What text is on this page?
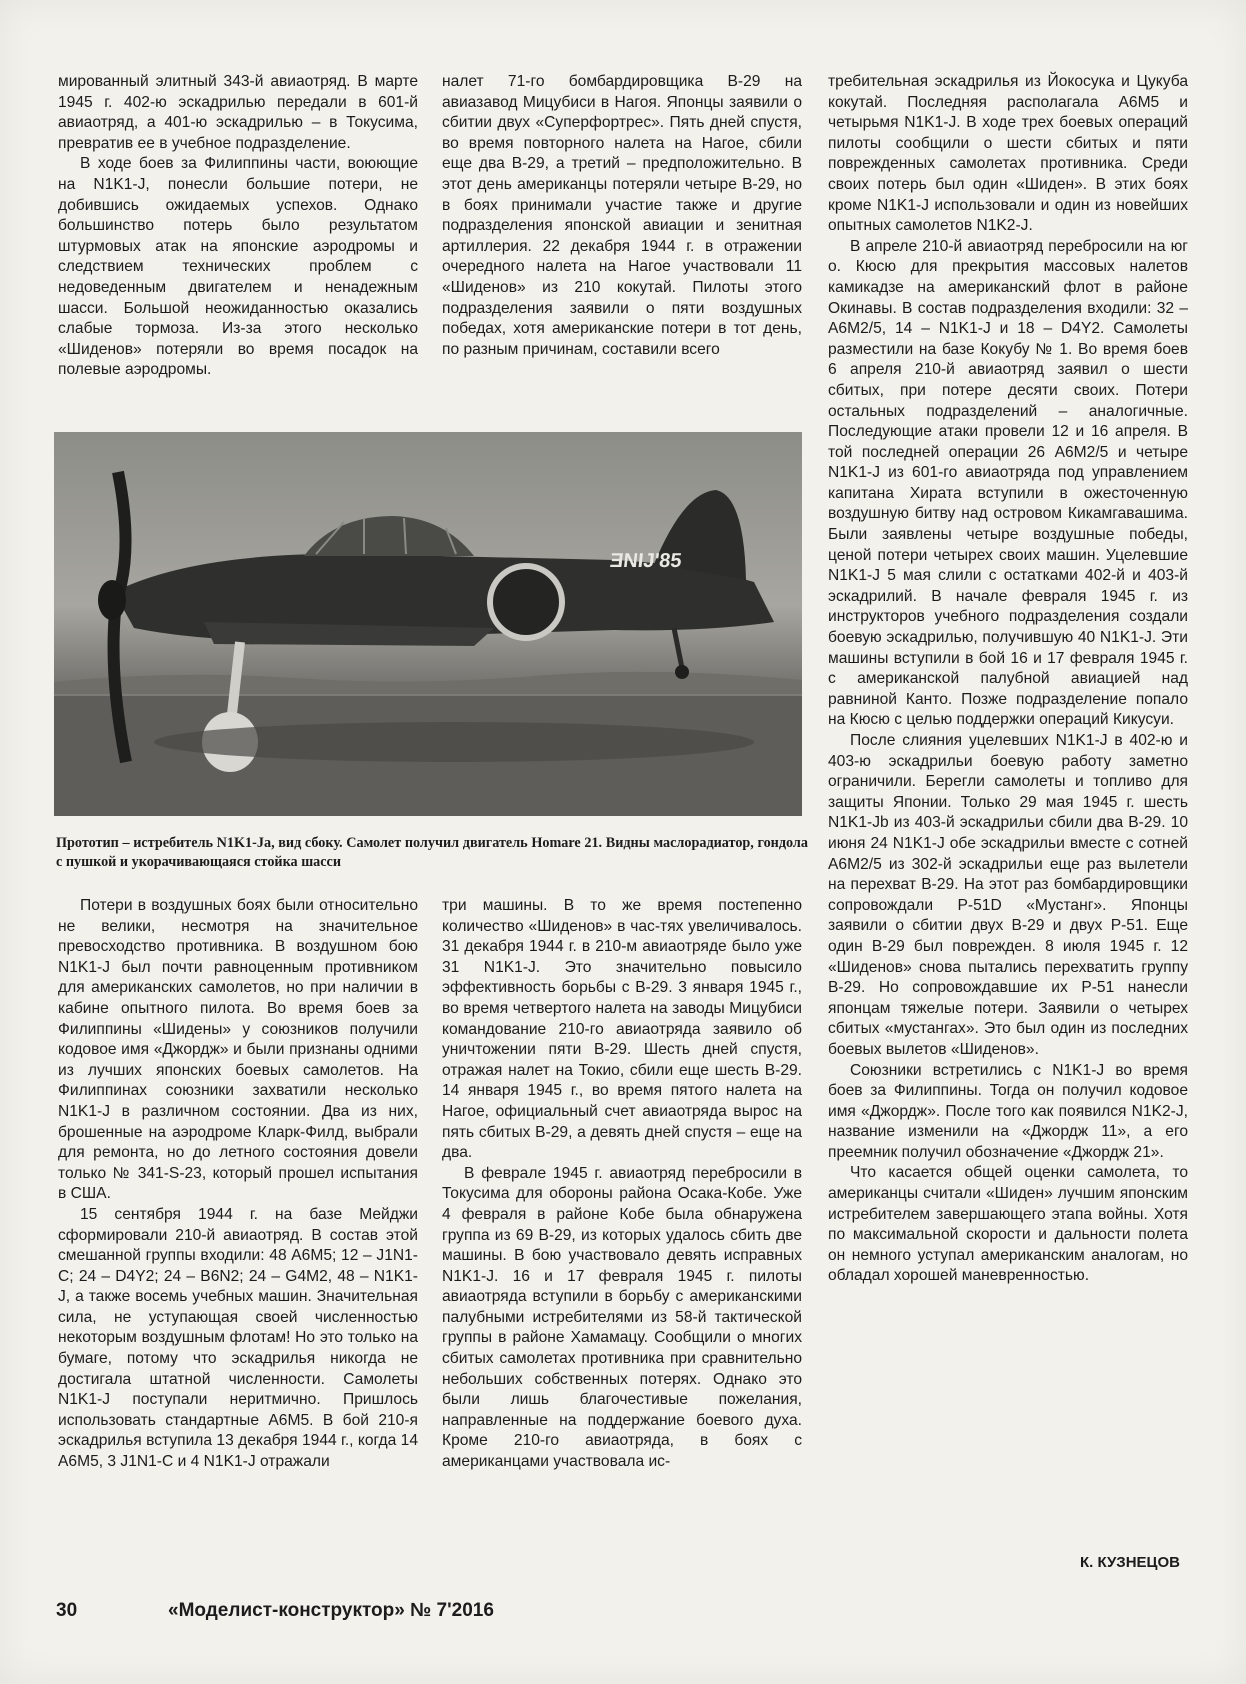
мированный элитный 343-й авиаотряд. В марте 1945 г. 402-ю эскадрилью передали в 601-й авиаотряд, а 401-ю эскадрилью – в Токусима, превратив ее в учебное подразделение.

В ходе боев за Филиппины части, воюющие на N1K1-J, понесли большие потери, не добившись ожидаемых успехов. Однако большинство потерь было результатом штурмовых атак на японские аэродромы и следствием технических проблем с недоведенным двигателем и ненадежным шасси. Большой неожиданностью оказались слабые тормоза. Из-за этого несколько «Шиденов» потеряли во время посадок на полевые аэродромы.

налет 71-го бомбардировщика В-29 на авиазавод Мицубиси в Нагоя. Японцы заявили о сбитии двух «Суперфортрес». Пять дней спустя, во время повторного налета на Нагое, сбили еще два В-29, а третий – предположительно. В этот день американцы потеряли четыре В-29, но в боях принимали участие также и другие подразделения японской авиации и зенитная артиллерия. 22 декабря 1944 г. в отражении очередного налета на Нагое участвовали 11 «Шиденов» из 210 кокутай. Пилоты этого подразделения заявили о пяти воздушных победах, хотя американские потери в тот день, по разным причинам, составили всего

требительная эскадрилья из Йокосука и Цукуба кокутай. Последняя располагала А6М5 и четырьмя N1K1-J. В ходе трех боевых операций пилоты сообщили о шести сбитых и пяти поврежденных самолетах противника. Среди своих потерь был один «Шиден». В этих боях кроме N1K1-J использовали и один из новейших опытных самолетов N1K2-J.

В апреле 210-й авиаотряд перебросили на юг о. Кюсю для прекрытия массовых налетов камикадзе на американский флот в районе Окинавы. В состав подразделения входили: 32 – А6М2/5, 14 – N1K1-J и 18 – D4Y2. Самолеты разместили на базе Кокубу № 1. Во время боев 6 апреля 210-й авиаотряд заявил о шести сбитых, при потере десяти своих. Потери остальных подразделений – аналогичные. Последующие атаки провели 12 и 16 апреля. В той последней операции 26 А6М2/5 и четыре N1K1-J из 601-го авиаотряда под управлением капитана Хирата вступили в ожесточенную воздушную битву над островом Кикамгавашима. Были заявлены четыре воздушные победы, ценой потери четырех своих машин. Уцелевшие N1K1-J 5 мая слили с остатками 402-й и 403-й эскадрилий. В начале февраля 1945 г. из инструкторов учебного подразделения создали боевую эскадрилью, получившую 40 N1K1-J. Эти машины вступили в бой 16 и 17 февраля 1945 г. с американской палубной авиацией над равниной Канто. Позже подразделение попало на Кюсю с целью поддержки операций Кикусуи.

После слияния уцелевших N1K1-J в 402-ю и 403-ю эскадрильи боевую работу заметно ограничили. Берегли самолеты и топливо для защиты Японии. Только 29 мая 1945 г. шесть N1K1-Jb из 403-й эскадрильи сбили два В-29. 10 июня 24 N1K1-J обе эскадрильи вместе с сотней А6М2/5 из 302-й эскадрильи еще раз вылетели на перехват В-29. На этот раз бомбардировщики сопровождали Р-51D «Мустанг». Японцы заявили о сбитии двух В-29 и двух Р-51. Еще один В-29 был поврежден. 8 июля 1945 г. 12 «Шиденов» снова пытались перехватить группу В-29. Но сопровождавшие их Р-51 нанесли японцам тяжелые потери. Заявили о четырех сбитых «мустангах». Это был один из последних боевых вылетов «Шиденов».

Союзники встретились с N1K1-J во время боев за Филиппины. Тогда он получил кодовое имя «Джордж». После того как появился N1K2-J, название изменили на «Джордж 11», а его преемник получил обозначение «Джордж 21».

Что касается общей оценки самолета, то американцы считали «Шиден» лучшим японским истребителем завершающего этапа войны. Хотя по максимальной скорости и дальности полета он немного уступал американским аналогам, но обладал хорошей маневренностью.

ƎNIJ'85
Прототип – истребитель N1K1-Ja, вид сбоку. Самолет получил двигатель Homare 21. Видны маслорадиатор, гондола с пушкой и укорачивающаяся стойка шасси

Потери в воздушных боях были относительно не велики, несмотря на значительное превосходство противника. В воздушном бою N1K1-J был почти равноценным противником для американских самолетов, но при наличии в кабине опытного пилота. Во время боев за Филиппины «Шидены» у союзников получили кодовое имя «Джордж» и были признаны одними из лучших японских боевых самолетов. На Филиппинах союзники захватили несколько N1K1-J в различном состоянии. Два из них, брошенные на аэродроме Кларк-Филд, выбрали для ремонта, но до летного состояния довели только № 341-S-23, который прошел испытания в США.

15 сентября 1944 г. на базе Мейджи сформировали 210-й авиаотряд. В состав этой смешанной группы входили: 48 А6М5; 12 – J1N1-C; 24 – D4Y2; 24 – B6N2; 24 – G4M2, 48 – N1K1-J, а также восемь учебных машин. Значительная сила, не уступающая своей численностью некоторым воздушным флотам! Но это только на бумаге, потому что эскадрилья никогда не достигала штатной численности. Самолеты N1K1-J поступали неритмично. Пришлось использовать стандартные А6М5. В бой 210-я эскадрилья вступила 13 декабря 1944 г., когда 14 А6М5, 3 J1N1-C и 4 N1K1-J отражали

три машины. В то же время постепенно количество «Шиденов» в час-тях увеличивалось. 31 декабря 1944 г. в 210-м авиаотряде было уже 31 N1K1-J. Это значительно повысило эффективность борьбы с В-29. 3 января 1945 г., во время четвертого налета на заводы Мицубиси командование 210-го авиаотряда заявило об уничтожении пяти В-29. Шесть дней спустя, отражая налет на Токио, сбили еще шесть В-29. 14 января 1945 г., во время пятого налета на Нагое, официальный счет авиаотряда вырос на пять сбитых В-29, а девять дней спустя – еще на два.

В феврале 1945 г. авиаотряд перебросили в Токусима для обороны района Осака-Кобе. Уже 4 февраля в районе Кобе была обнаружена группа из 69 В-29, из которых удалось сбить две машины. В бою участвовало девять исправных N1K1-J. 16 и 17 февраля 1945 г. пилоты авиаотряда вступили в борьбу с американскими палубными истребителями из 58-й тактической группы в районе Хамамацу. Сообщили о многих сбитых самолетах противника при сравнительно небольших собственных потерях. Однако это были лишь благочестивые пожелания, направленные на поддержание боевого духа. Кроме 210-го авиаотряда, в боях с американцами участвовала ис-

К. КУЗНЕЦОВ
30	«Моделист-конструктор» № 7'2016
